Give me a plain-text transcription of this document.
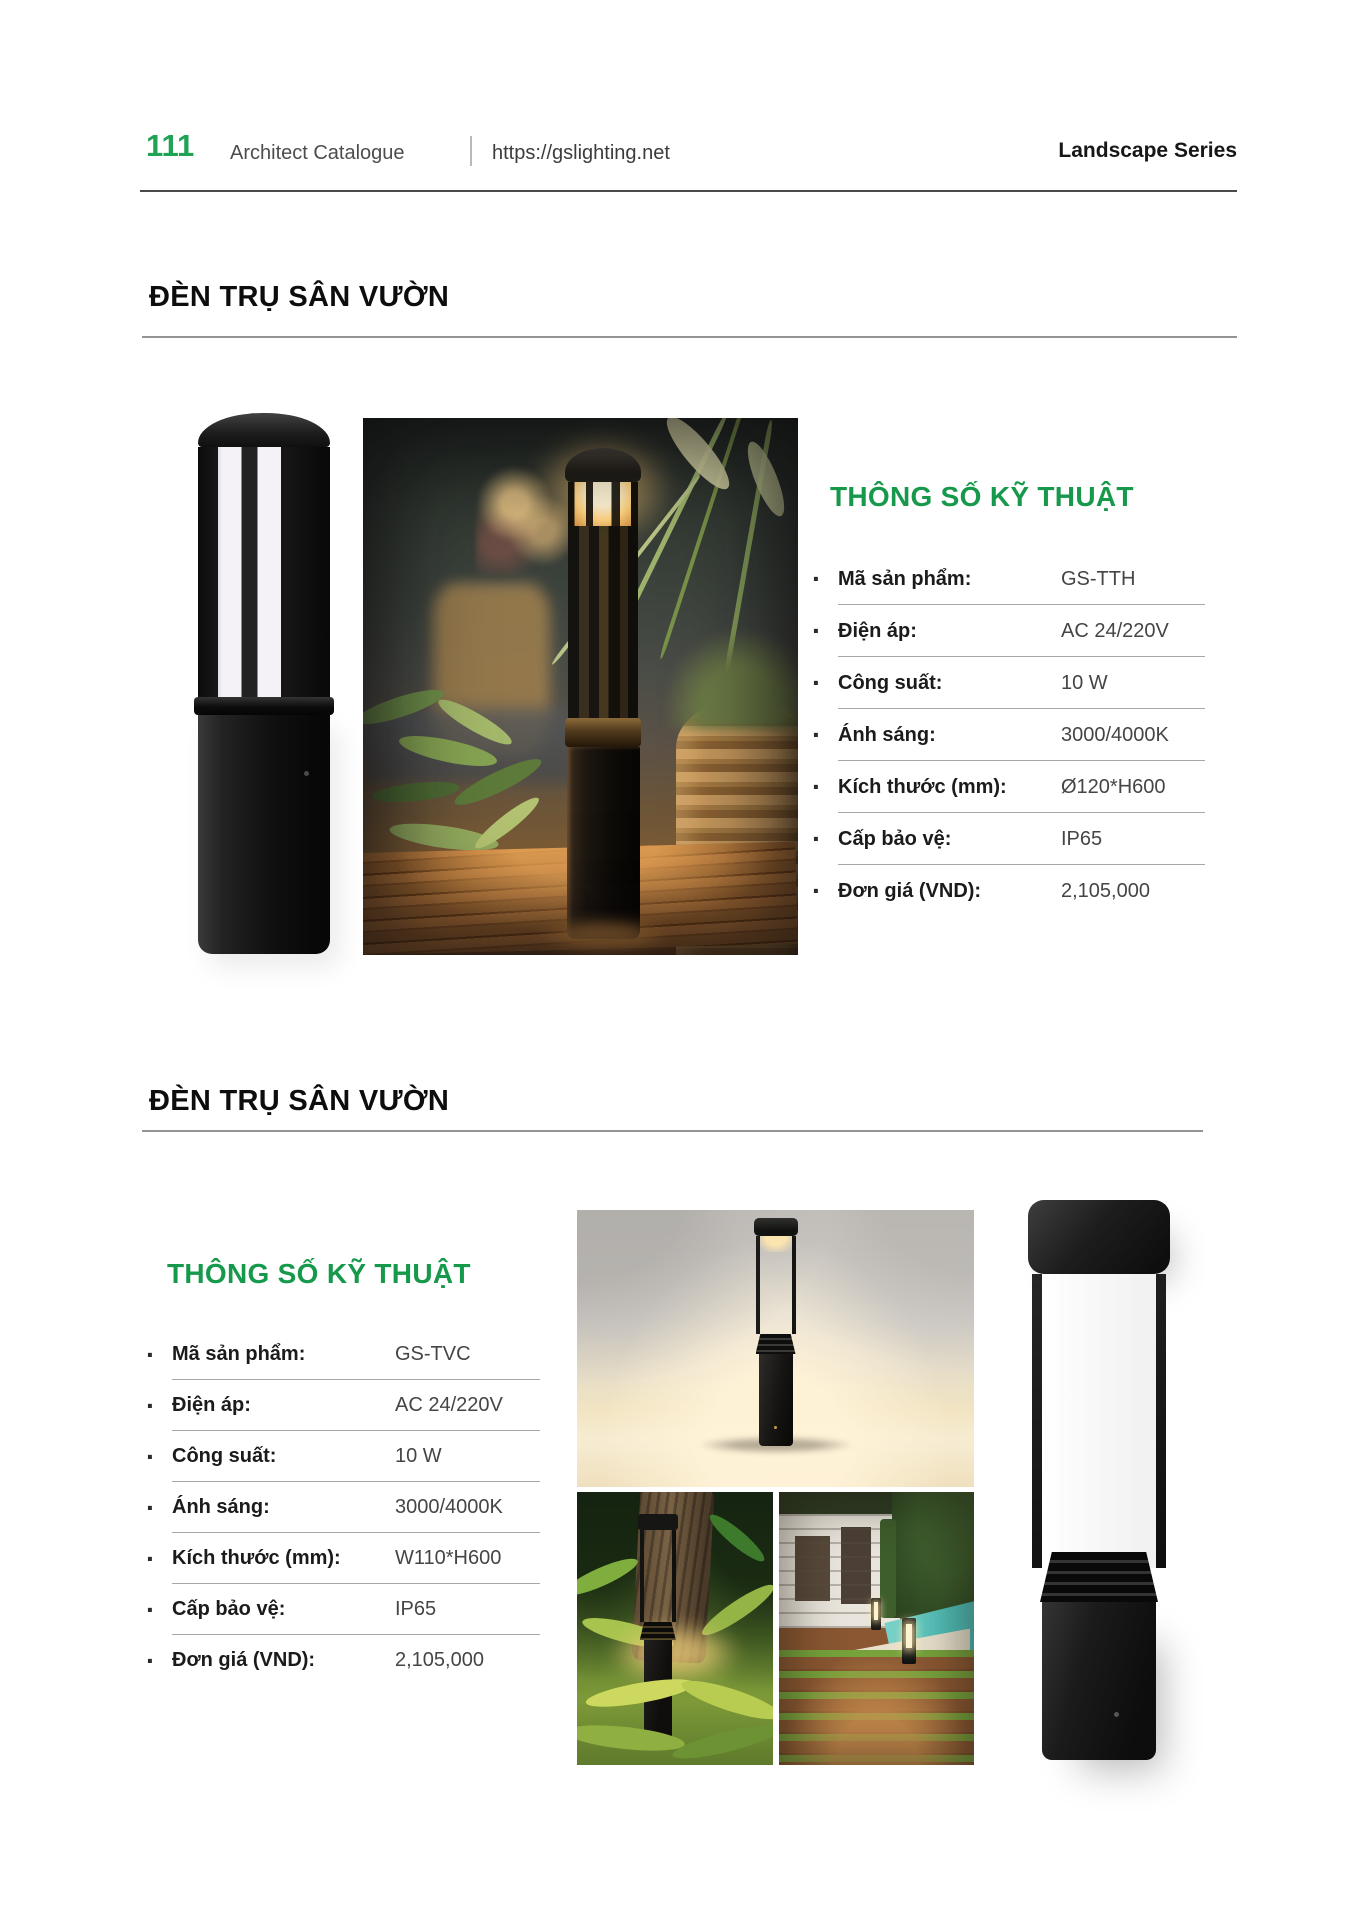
111 Architect Catalogue	https://gslighting.net	Landscape Series
ĐÈN TRỤ SÂN VƯỜN
THÔNG SỐ KỸ THUẬT
· Mã sản phẩm:	GS-TTH
· Điện áp:	AC 24/220V
· Công suất:	10 W
· Ánh sáng:	3000/4000K
· Kích thước (mm):	Ø120*H600
· Cấp bảo vệ:	IP65
· Đơn giá (VND):	2,105,000
ĐÈN TRỤ SÂN VƯỜN
THÔNG SỐ KỸ THUẬT
· Mã sản phẩm:	GS-TVC
· Điện áp:	AC 24/220V
· Công suất:	10 W
· Ánh sáng:	3000/4000K
· Kích thước (mm):	W110*H600
· Cấp bảo vệ:	IP65
· Đơn giá (VND):	2,105,000
